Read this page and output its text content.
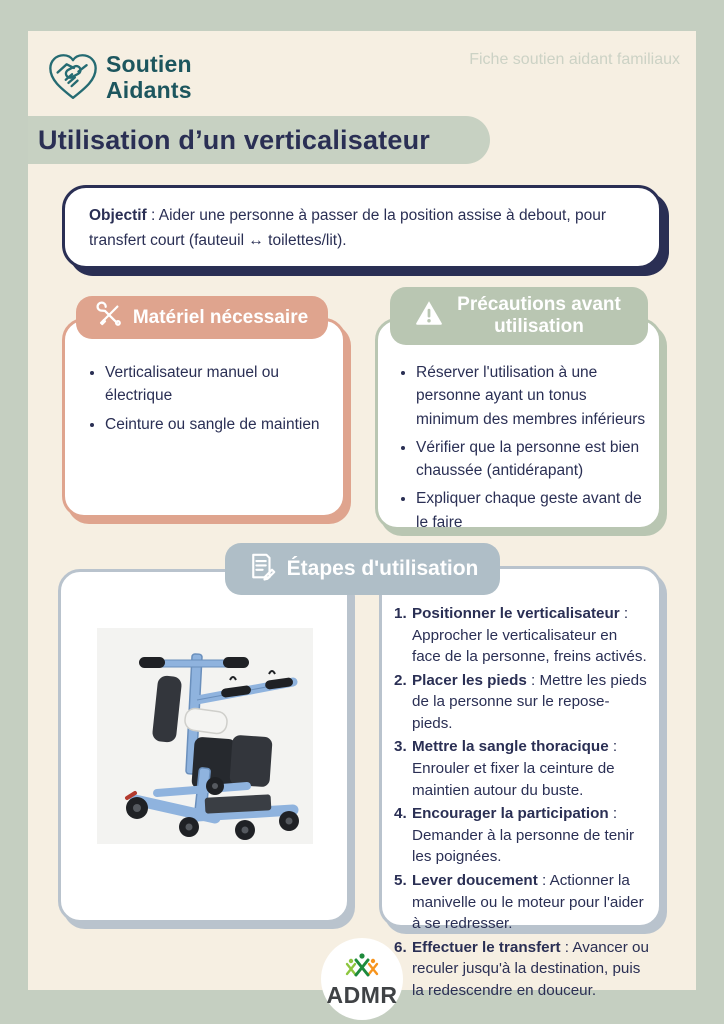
Soutien
Aidants
Fiche soutien aidant familiaux
Utilisation d’un verticalisateur
Objectif : Aider une personne à passer de la position assise à debout, pour transfert court (fauteuil ↔ toilettes/lit).
Matériel nécessaire
• Verticalisateur manuel ou électrique
• Ceinture ou sangle de maintien
Précautions avant utilisation
• Réserver l'utilisation à une personne ayant un tonus minimum des membres inférieurs
• Vérifier que la personne est bien chaussée (antidérapant)
• Expliquer chaque geste avant de le faire
Étapes d'utilisation
1. Positionner le verticalisateur : Approcher le verticalisateur en face de la personne, freins activés.
2. Placer les pieds : Mettre les pieds de la personne sur le repose-pieds.
3. Mettre la sangle thoracique : Enrouler et fixer la ceinture de maintien autour du buste.
4. Encourager la participation : Demander à la personne de tenir les poignées.
5. Lever doucement : Actionner la manivelle ou le moteur pour l'aider à se redresser.
6. Effectuer le transfert : Avancer ou reculer jusqu'à la destination, puis la redescendre en douceur.
ADMR
